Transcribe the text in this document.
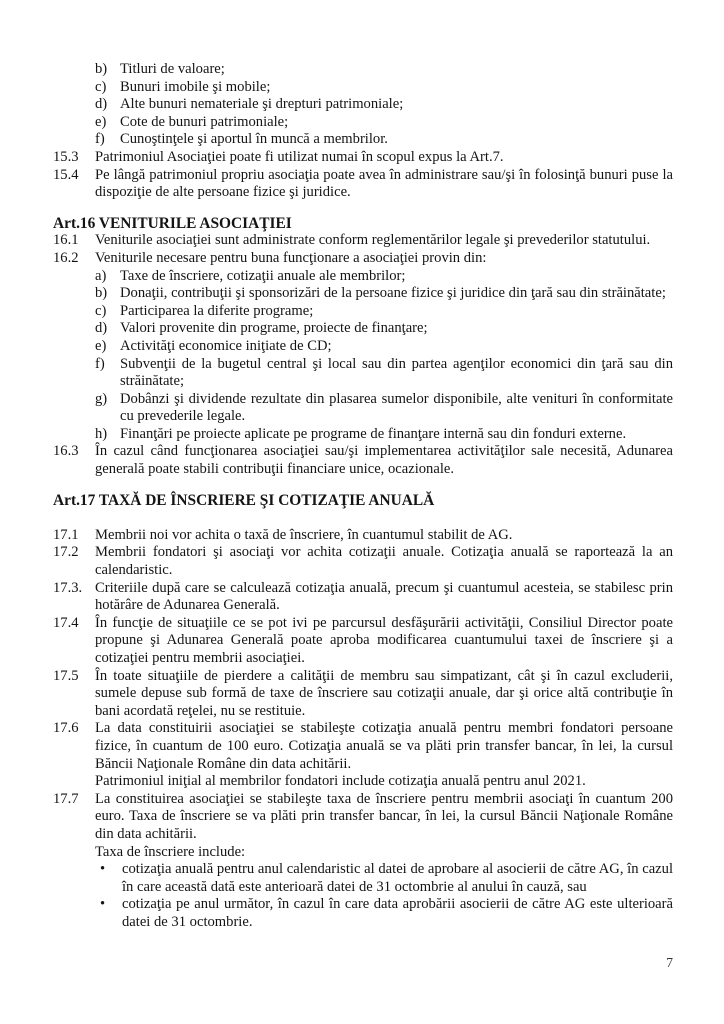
b) Titluri de valoare;
c) Bunuri imobile şi mobile;
d) Alte bunuri nemateriale şi drepturi patrimoniale;
e) Cote de bunuri patrimoniale;
f)	Cunoştinţele şi aportul în muncă a membrilor.
15.3	Patrimoniul Asociaţiei poate fi utilizat numai în scopul expus la Art.7.
15.4	Pe lângă patrimoniul propriu asociaţia poate avea în administrare sau/şi în folosinţă bunuri puse la dispoziţie de alte persoane fizice şi juridice.
Art.16 VENITURILE ASOCIAŢIEI
16.1	Veniturile asociaţiei sunt administrate conform reglementărilor legale şi prevederilor statutului.
16.2	Veniturile necesare pentru buna funcţionare a asociaţiei provin din:
a) Taxe de înscriere, cotizaţii anuale ale membrilor;
b) Donaţii, contribuţii şi sponsorizări de la persoane fizice şi juridice din ţară sau din străinătate;
c) Participarea la diferite programe;
d) Valori provenite din programe, proiecte de finanţare;
e) Activităţi economice iniţiate de CD;
f)	Subvenţii de la bugetul central şi local sau din partea agenţilor economici din ţară sau din străinătate;
g) Dobânzi şi dividende rezultate din plasarea sumelor disponibile, alte venituri în conformitate cu prevederile legale.
h) Finanţări pe proiecte aplicate pe programe de finanţare internă sau din fonduri externe.
16.3	În cazul când funcţionarea asociaţiei sau/şi implementarea activităţilor sale necesită, Adunarea generală poate stabili contribuţii financiare unice, ocazionale.
Art.17 TAXĂ DE ÎNSCRIERE ŞI COTIZAŢIE ANUALĂ
17.1	Membrii noi vor achita o taxă de înscriere, în cuantumul stabilit de AG.
17.2	Membrii fondatori şi asociaţi vor achita cotizaţii anuale. Cotizaţia anuală se raportează la an calendaristic.
17.3. Criteriile după care se calculează cotizaţia anuală, precum şi cuantumul acesteia, se stabilesc prin hotărâre de Adunarea Generală.
17.4	În funcţie de situaţiile ce se pot ivi pe parcursul desfăşurării activităţii, Consiliul Director poate propune şi Adunarea Generală poate aproba modificarea cuantumului taxei de înscriere şi a cotizaţiei pentru membrii asociaţiei.
17.5	În toate situaţiile de pierdere a calităţii de membru sau simpatizant, cât şi în cazul excluderii, sumele depuse sub formă de taxe de înscriere sau cotizaţii anuale, dar şi orice altă contribuţie în bani acordată reţelei, nu se restituie.
17.6	La data constituirii asociaţiei se stabileşte cotizaţia anuală pentru membri fondatori persoane fizice, în cuantum de 100 euro. Cotizaţia anuală se va plăti prin transfer bancar, în lei, la cursul Băncii Naţionale Române din data achitării.
Patrimoniul iniţial al membrilor fondatori include cotizaţia anuală pentru anul 2021.
17.7	La constituirea asociaţiei se stabileşte taxa de înscriere pentru membrii asociaţi în cuantum 200 euro. Taxa de înscriere se va plăti prin transfer bancar, în lei, la cursul Băncii Naţionale Române din data achitării.
Taxa de înscriere include:
•	cotizaţia anuală pentru anul calendaristic al datei de aprobare al asocierii de către AG, în cazul în care această dată este anterioară datei de 31 octombrie al anului în cauză, sau
•	cotizaţia pe anul următor, în cazul în care data aprobării asocierii de către AG este ulterioară datei de 31 octombrie.
7
